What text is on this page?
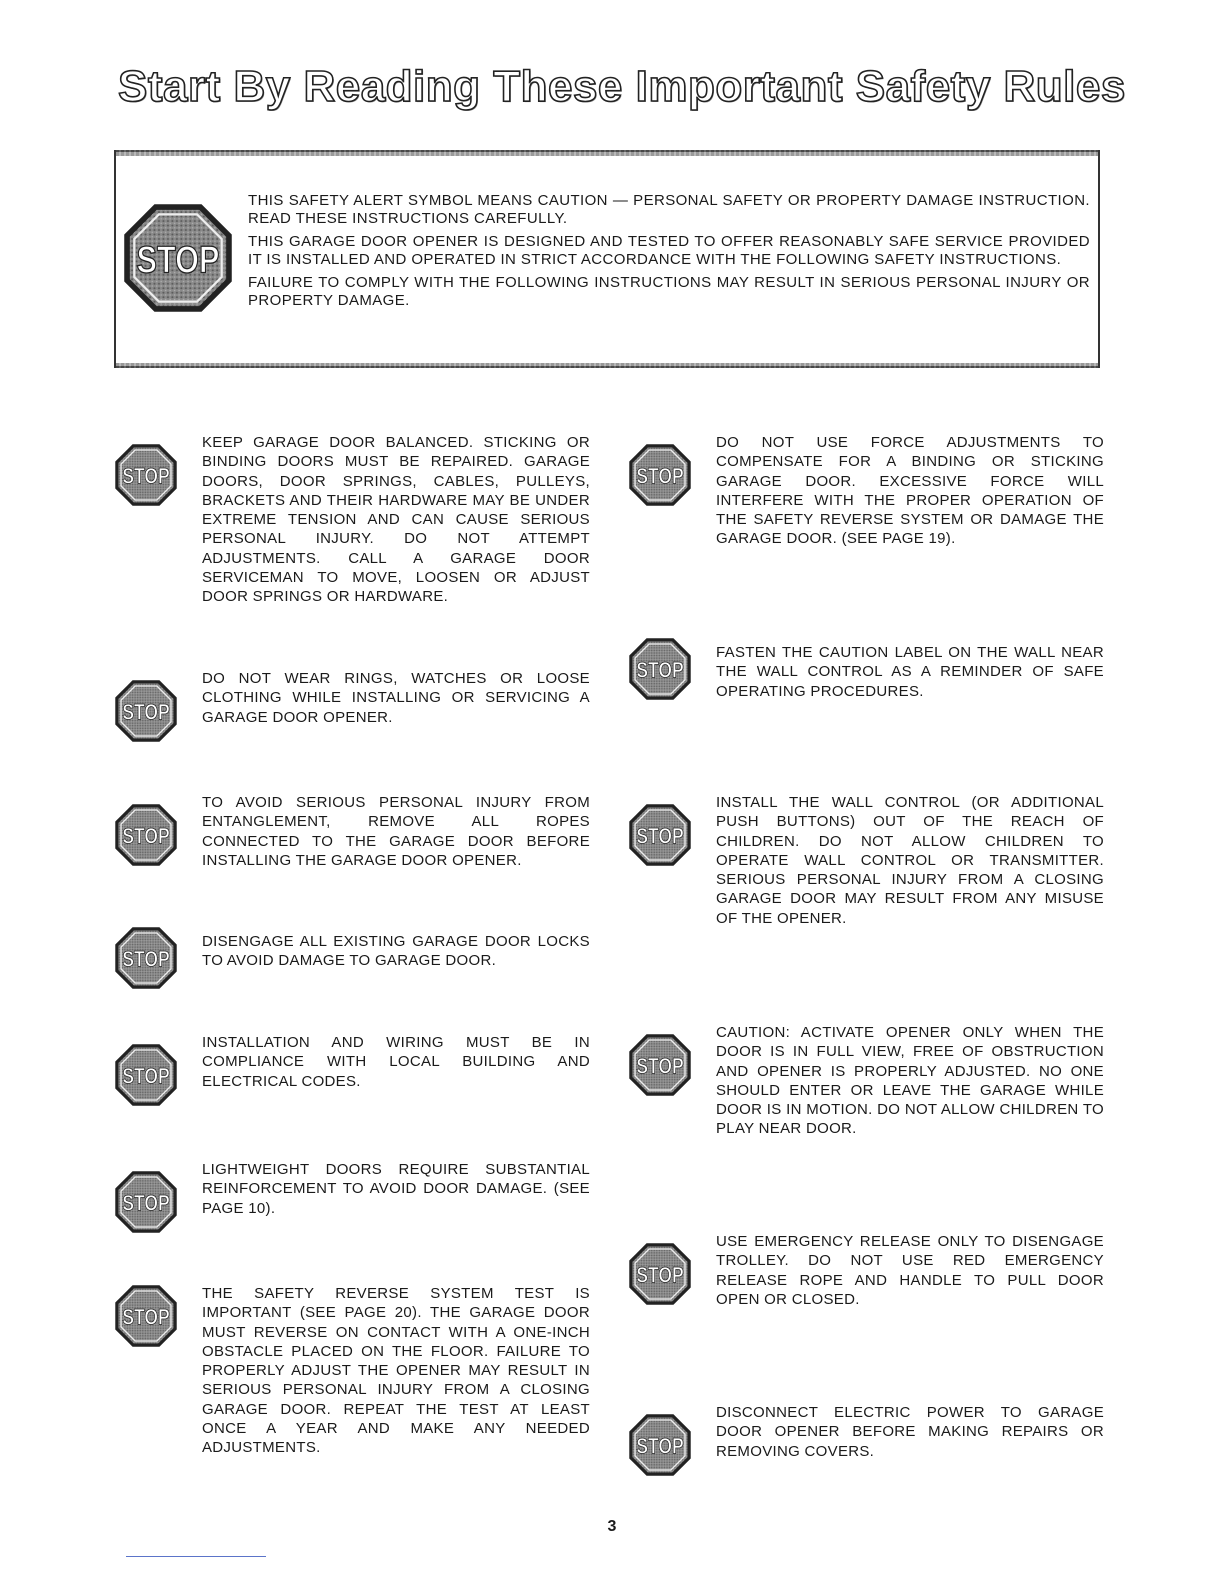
Start By Reading These Important Safety Rules

THIS SAFETY ALERT SYMBOL MEANS CAUTION — PERSONAL SAFETY OR PROPERTY DAMAGE INSTRUCTION. READ THESE INSTRUCTIONS CAREFULLY.

THIS GARAGE DOOR OPENER IS DESIGNED AND TESTED TO OFFER REASONABLY SAFE SERVICE PROVIDED IT IS INSTALLED AND OPERATED IN STRICT ACCORDANCE WITH THE FOLLOWING SAFETY INSTRUCTIONS.

FAILURE TO COMPLY WITH THE FOLLOWING INSTRUCTIONS MAY RESULT IN SERIOUS PERSONAL INJURY OR PROPERTY DAMAGE.

KEEP GARAGE DOOR BALANCED. STICKING OR BINDING DOORS MUST BE REPAIRED. GARAGE DOORS, DOOR SPRINGS, CABLES, PULLEYS, BRACKETS AND THEIR HARDWARE MAY BE UNDER EXTREME TENSION AND CAN CAUSE SERIOUS PERSONAL INJURY. DO NOT ATTEMPT ADJUSTMENTS. CALL A GARAGE DOOR SERVICEMAN TO MOVE, LOOSEN OR ADJUST DOOR SPRINGS OR HARDWARE.
DO NOT WEAR RINGS, WATCHES OR LOOSE CLOTHING WHILE INSTALLING OR SERVICING A GARAGE DOOR OPENER.
TO AVOID SERIOUS PERSONAL INJURY FROM ENTANGLEMENT, REMOVE ALL ROPES CONNECTED TO THE GARAGE DOOR BEFORE INSTALLING THE GARAGE DOOR OPENER.
DISENGAGE ALL EXISTING GARAGE DOOR LOCKS TO AVOID DAMAGE TO GARAGE DOOR.
INSTALLATION AND WIRING MUST BE IN COMPLIANCE WITH LOCAL BUILDING AND ELECTRICAL CODES.
LIGHTWEIGHT DOORS REQUIRE SUBSTANTIAL REINFORCEMENT TO AVOID DOOR DAMAGE. (SEE PAGE 10).
THE SAFETY REVERSE SYSTEM TEST IS IMPORTANT (SEE PAGE 20). THE GARAGE DOOR MUST REVERSE ON CONTACT WITH A ONE-INCH OBSTACLE PLACED ON THE FLOOR. FAILURE TO PROPERLY ADJUST THE OPENER MAY RESULT IN SERIOUS PERSONAL INJURY FROM A CLOSING GARAGE DOOR. REPEAT THE TEST AT LEAST ONCE A YEAR AND MAKE ANY NEEDED ADJUSTMENTS.
DO NOT USE FORCE ADJUSTMENTS TO COMPENSATE FOR A BINDING OR STICKING GARAGE DOOR. EXCESSIVE FORCE WILL INTERFERE WITH THE PROPER OPERATION OF THE SAFETY REVERSE SYSTEM OR DAMAGE THE GARAGE DOOR. (SEE PAGE 19).
FASTEN THE CAUTION LABEL ON THE WALL NEAR THE WALL CONTROL AS A REMINDER OF SAFE OPERATING PROCEDURES.
INSTALL THE WALL CONTROL (OR ADDITIONAL PUSH BUTTONS) OUT OF THE REACH OF CHILDREN. DO NOT ALLOW CHILDREN TO OPERATE WALL CONTROL OR TRANSMITTER. SERIOUS PERSONAL INJURY FROM A CLOSING GARAGE DOOR MAY RESULT FROM ANY MISUSE OF THE OPENER.
CAUTION: ACTIVATE OPENER ONLY WHEN THE DOOR IS IN FULL VIEW, FREE OF OBSTRUCTION AND OPENER IS PROPERLY ADJUSTED. NO ONE SHOULD ENTER OR LEAVE THE GARAGE WHILE DOOR IS IN MOTION. DO NOT ALLOW CHILDREN TO PLAY NEAR DOOR.
USE EMERGENCY RELEASE ONLY TO DISENGAGE TROLLEY. DO NOT USE RED EMERGENCY RELEASE ROPE AND HANDLE TO PULL DOOR OPEN OR CLOSED.
DISCONNECT ELECTRIC POWER TO GARAGE DOOR OPENER BEFORE MAKING REPAIRS OR REMOVING COVERS.
3
